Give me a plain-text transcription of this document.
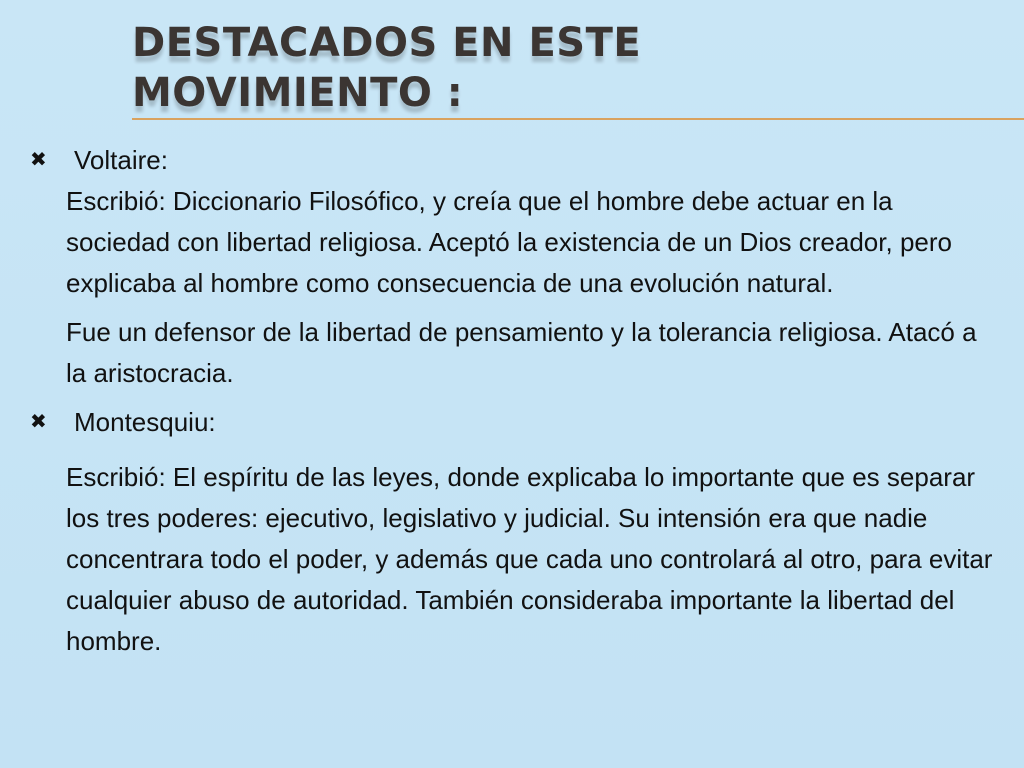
DESTACADOS EN ESTE MOVIMIENTO :
✖ Voltaire:

Escribió: Diccionario Filosófico, y creía que el hombre debe actuar en la sociedad con libertad religiosa. Aceptó la existencia de un Dios creador, pero explicaba al hombre como consecuencia de una evolución natural.

Fue un defensor de la libertad de pensamiento y la tolerancia religiosa. Atacó a la aristocracia.

✖ Montesquiu:

Escribió: El espíritu de las leyes, donde explicaba lo importante que es separar los tres poderes: ejecutivo, legislativo y judicial. Su intensión era que nadie concentrara todo el poder, y además que cada uno controlará al otro, para evitar cualquier abuso de autoridad. También consideraba importante la libertad del hombre.
